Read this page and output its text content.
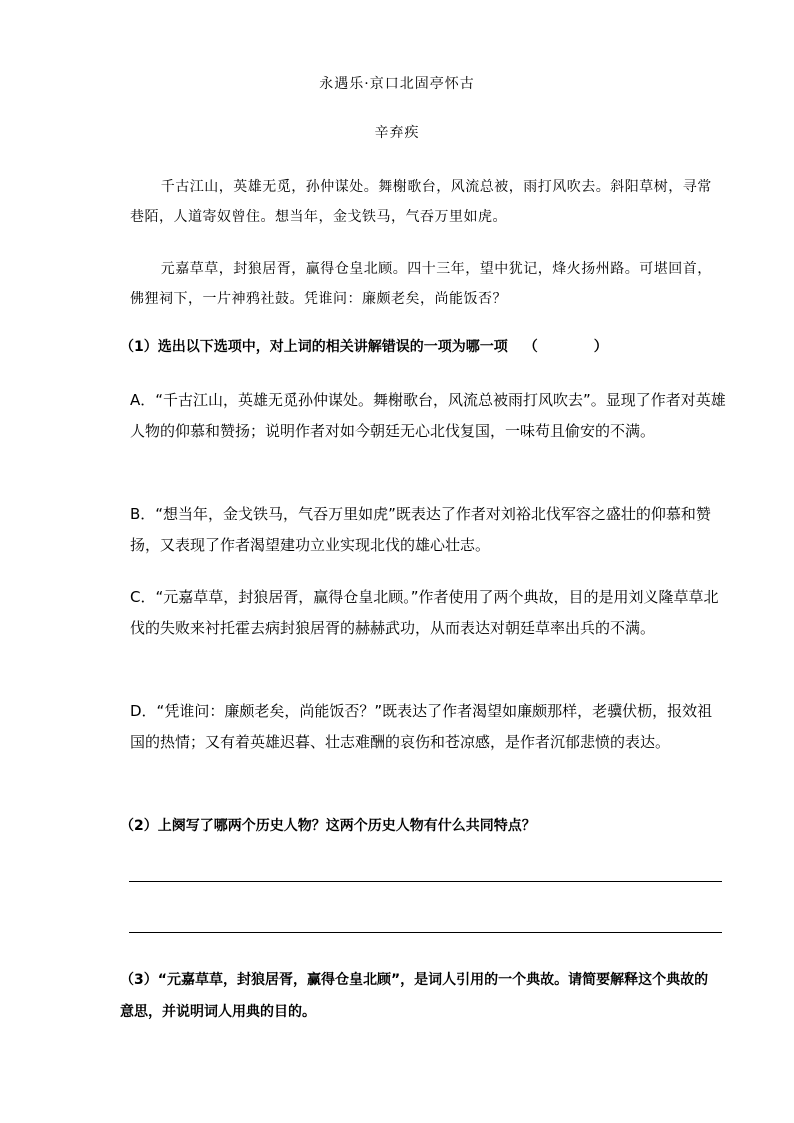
永遇乐·京口北固亭怀古
辛弃疾
千古江山，英雄无觅，孙仲谋处。舞榭歌台，风流总被，雨打风吹去。斜阳草树，寻常巷陌，人道寄奴曾住。想当年，金戈铁马，气吞万里如虎。
元嘉草草，封狼居胥，赢得仓皇北顾。四十三年，望中犹记，烽火扬州路。可堪回首，佛狸祠下，一片神鸦社鼓。凭谁问：廉颇老矣，尚能饭否？
（1）选出以下选项中，对上词的相关讲解错误的一项为哪一项 （　　　　）
A．“千古江山，英雄无觅孙仲谋处。舞榭歌台，风流总被雨打风吹去”。显现了作者对英雄人物的仰慕和赞扬；说明作者对如今朝廷无心北伐复国，一味苟且偷安的不满。
B．“想当年，金戈铁马，气吞万里如虎”既表达了作者对刘裕北伐军容之盛壮的仰慕和赞扬，又表现了作者渴望建功立业实现北伐的雄心壮志。
C．“元嘉草草，封狼居胥，赢得仓皇北顾。”作者使用了两个典故，目的是用刘义隆草草北伐的失败来衬托霍去病封狼居胥的赫赫武功，从而表达对朝廷草率出兵的不满。
D．“凭谁问：廉颇老矣，尚能饭否？”既表达了作者渴望如廉颇那样，老骥伏枥，报效祖国的热情；又有着英雄迟暮、壮志难酬的哀伤和苍凉感，是作者沉郁悲愤的表达。
（2）上阕写了哪两个历史人物？这两个历史人物有什么共同特点？
（3）“元嘉草草，封狼居胥，赢得仓皇北顾”，是词人引用的一个典故。请简要解释这个典故的意思，并说明词人用典的目的。
